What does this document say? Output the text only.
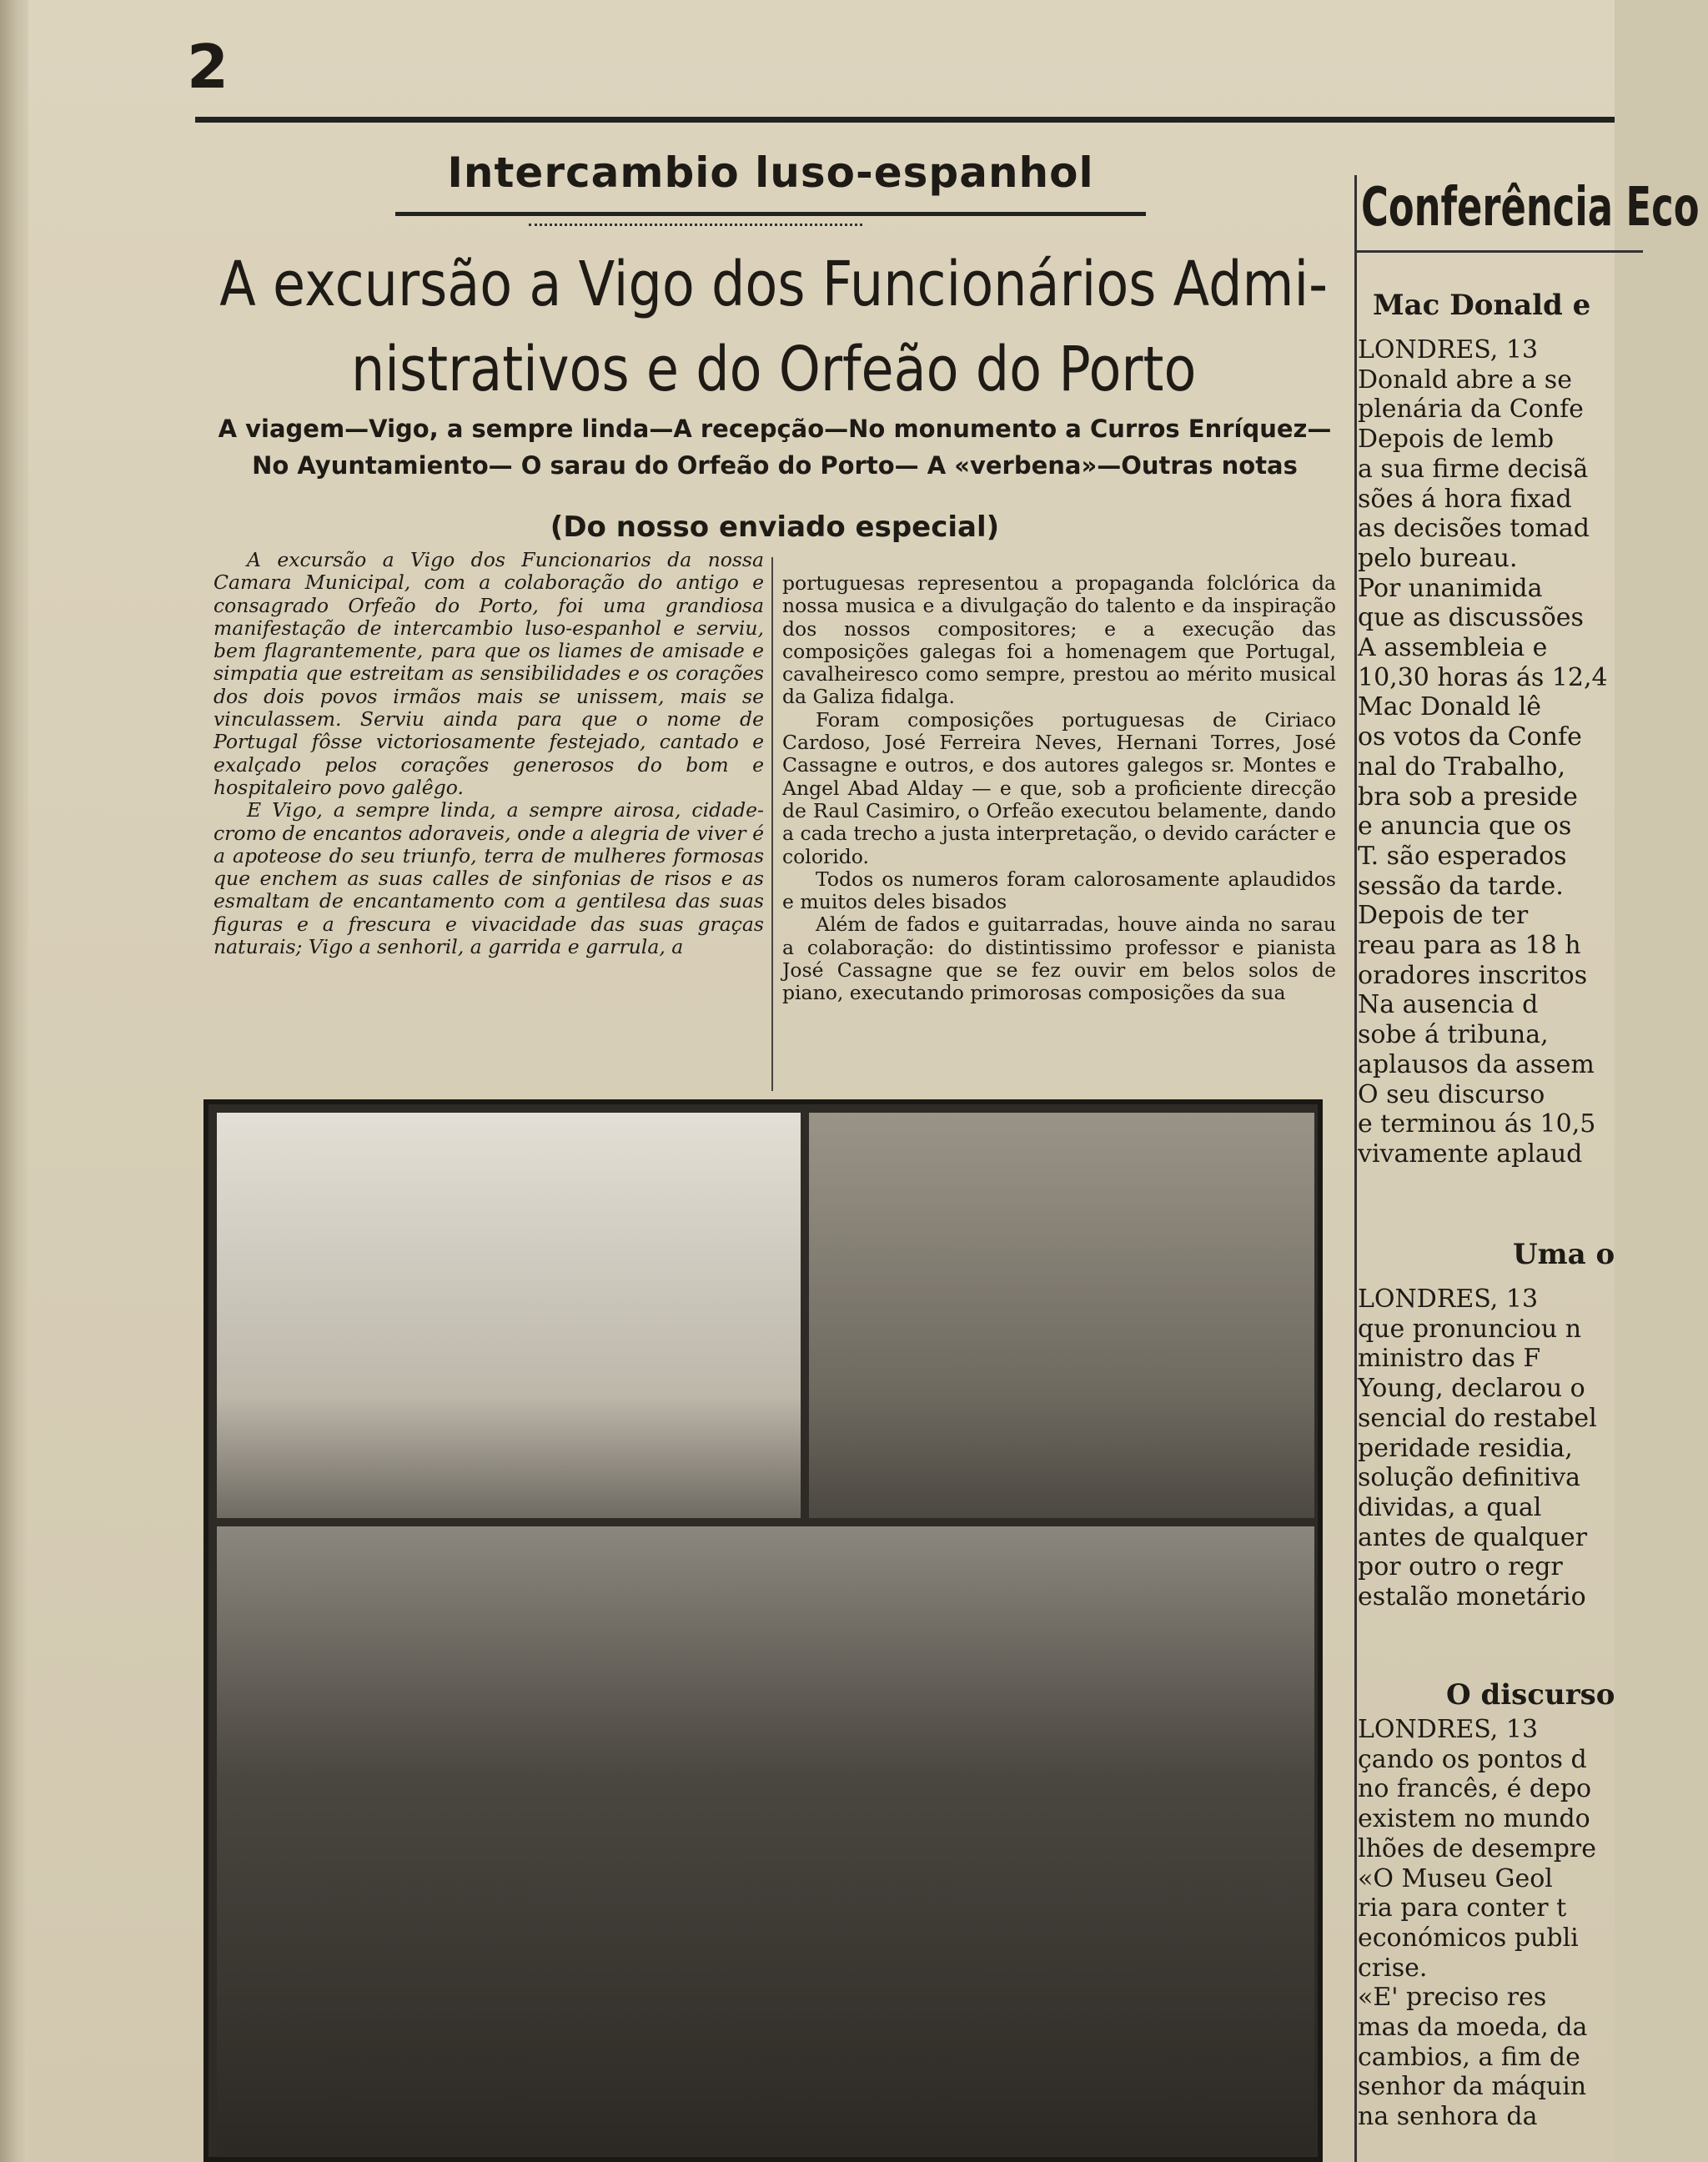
2
Intercambio luso-espanhol
A excursão a Vigo dos Funcionários Admi-
nistrativos e do Orfeão do Porto
A viagem—Vigo, a sempre linda—A recepção—No monumento a Curros Enríquez—
No Ayuntamiento— O sarau do Orfeão do Porto— A «verbena»—Outras notas
(Do nosso enviado especial)

A excursão a Vigo dos Funcionarios da nossa Camara Municipal, com a colaboração do antigo e consagrado Orfeão do Porto, foi uma grandiosa manifestação de intercambio luso-espanhol e serviu, bem flagrantemente, para que os liames de amisade e simpatia que estreitam as sensibilidades e os corações dos dois povos irmãos mais se unissem, mais se vinculassem. Serviu ainda para que o nome de Portugal fôsse victoriosamente festejado, cantado e exalçado pelos corações generosos do bom e hospitaleiro povo galêgo.

E Vigo, a sempre linda, a sempre airosa, cidade-cromo de encantos adoraveis, onde a alegria de viver é a apoteose do seu triunfo, terra de mulheres formosas que enchem as suas calles de sinfonias de risos e as esmaltam de encantamento com a gentilesa das suas figuras e a frescura e vivacidade das suas graças naturais; Vigo a senhoril, a garrida e garrula, a

portuguesas representou a propaganda folclórica da nossa musica e a divulgação do talento e da inspiração dos nossos compositores; e a execução das composições galegas foi a homenagem que Portugal, cavalheiresco como sempre, prestou ao mérito musical da Galiza fidalga.

Foram composições portuguesas de Ciriaco Cardoso, José Ferreira Neves, Hernani Torres, José Cassagne e outros, e dos autores galegos sr. Montes e Angel Abad Alday — e que, sob a proficiente direcção de Raul Casimiro, o Orfeão executou belamente, dando a cada trecho a justa interpretação, o devido carácter e colorido.

Todos os numeros foram calorosamente aplaudidos e muitos deles bisados

Além de fados e guitarradas, houve ainda no sarau a colaboração: do distintissimo professor e pianista José Cassagne que se fez ouvir em belos solos de piano, executando primorosas composições da sua

Conferência Eco
Mac Donald e

LONDRES, 13

Donald abre a se

plenária da Confe

Depois de lemb

a sua firme decisã

sões á hora fixad

as decisões tomad

pelo bureau.

Por unanimida

que as discussões

A assembleia e

10,30 horas ás 12,4

Mac Donald lê

os votos da Confe

nal do Trabalho,

bra sob a preside

e anuncia que os

T. são esperados

sessão da tarde.

Depois de ter

reau para as 18 h

oradores inscritos

Na ausencia d

sobe á tribuna,

aplausos da assem

O seu discurso

e terminou ás 10,5

vivamente aplaud

Uma o

LONDRES, 13

que pronunciou n

ministro das F

Young, declarou o

sencial do restabel

peridade residia,

solução definitiva

dividas, a qual

antes de qualquer

por outro o regr

estalão monetário

O discurso

LONDRES, 13

çando os pontos d

no francês, é depo

existem no mundo

lhões de desempre

«O Museu Geol

ria para conter t

económicos publi

crise.

«E' preciso res

mas da moeda, da

cambios, a fim de

senhor da máquin

na senhora da
